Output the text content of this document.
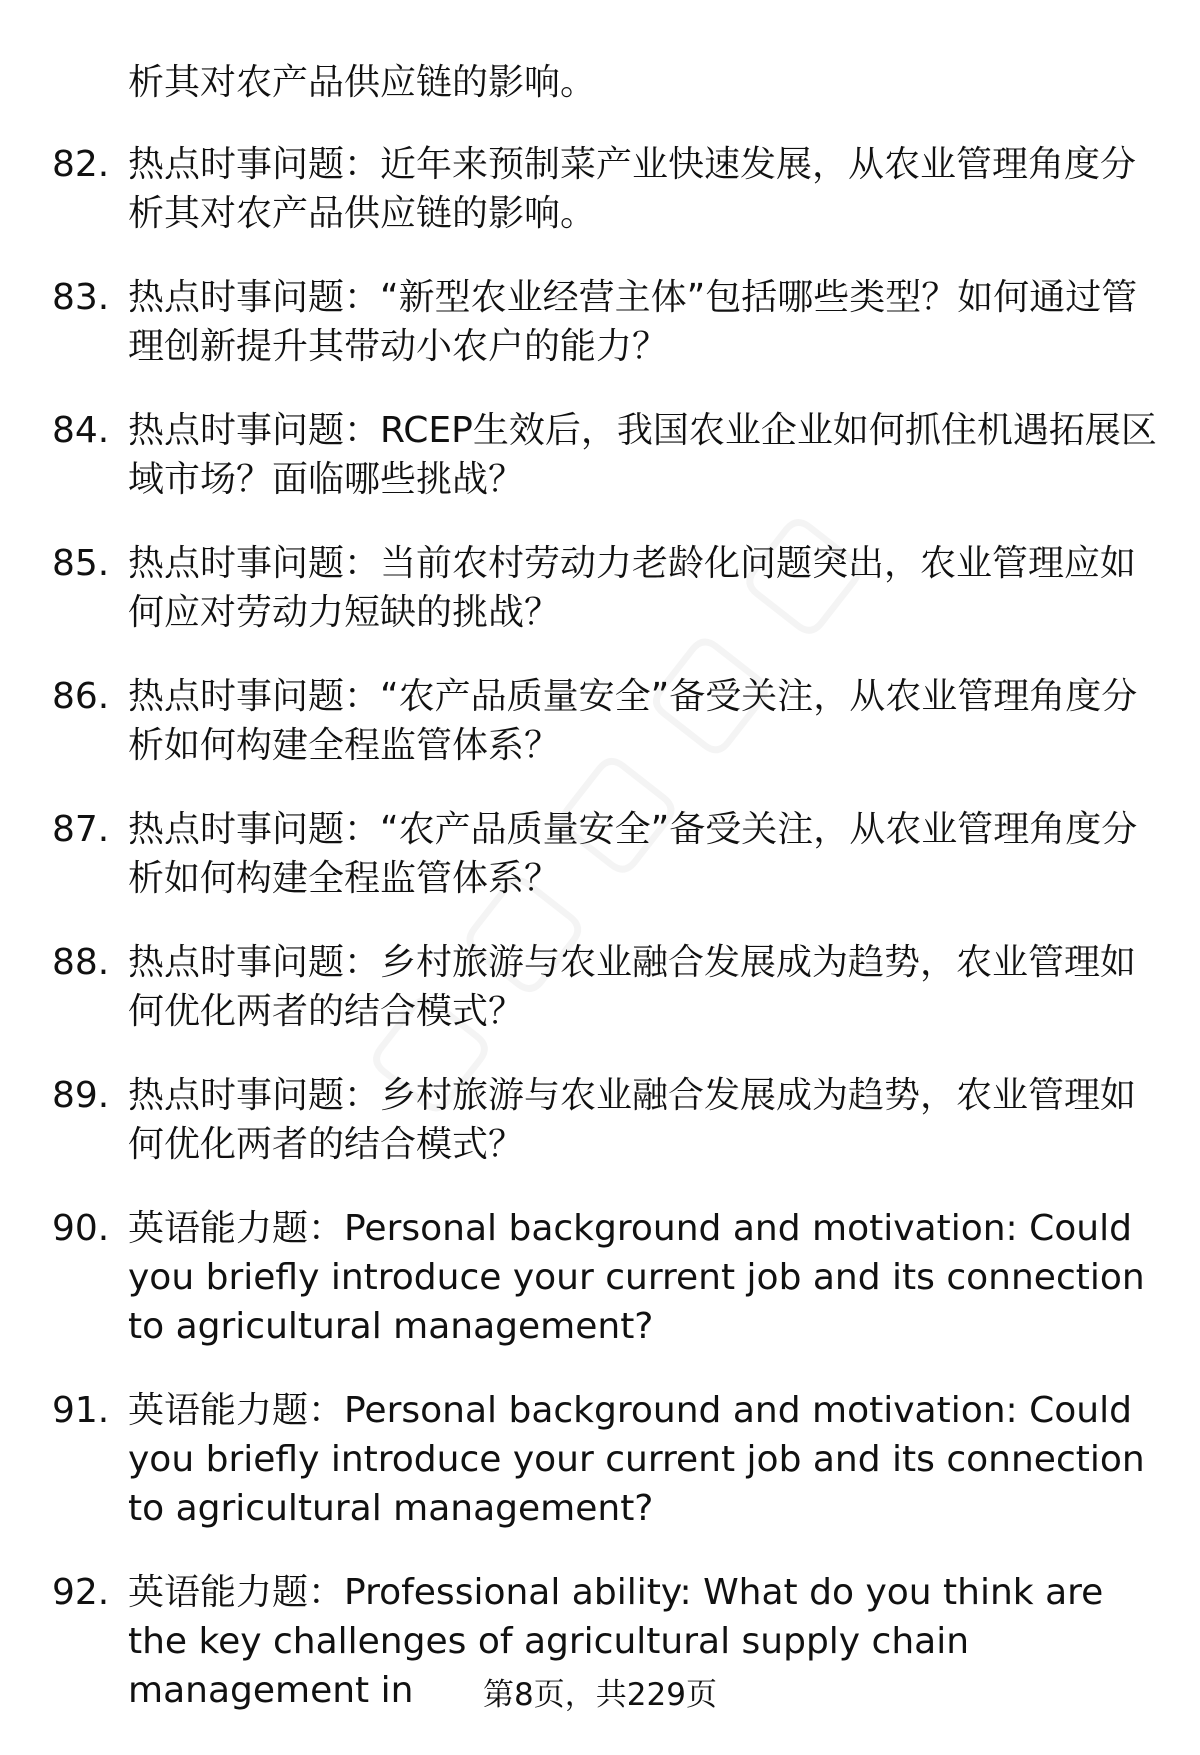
析其对农产品供应链的影响。
82. 热点时事问题：近年来预制菜产业快速发展，从农业管理角度分析其对农产品供应链的影响。
83. 热点时事问题：“新型农业经营主体”包括哪些类型？如何通过管理创新提升其带动小农户的能力？
84. 热点时事问题：RCEP生效后，我国农业企业如何抓住机遇拓展区域市场？面临哪些挑战？
85. 热点时事问题：当前农村劳动力老龄化问题突出，农业管理应如何应对劳动力短缺的挑战？
86. 热点时事问题：“农产品质量安全”备受关注，从农业管理角度分析如何构建全程监管体系？
87. 热点时事问题：“农产品质量安全”备受关注，从农业管理角度分析如何构建全程监管体系？
88. 热点时事问题：乡村旅游与农业融合发展成为趋势，农业管理如何优化两者的结合模式？
89. 热点时事问题：乡村旅游与农业融合发展成为趋势，农业管理如何优化两者的结合模式？
90. 英语能力题：Personal background and motivation: Could you briefly introduce your current job and its connection to agricultural management?
91. 英语能力题：Personal background and motivation: Could you briefly introduce your current job and its connection to agricultural management?
92. 英语能力题：Professional ability: What do you think are the key challenges of agricultural supply chain management in	第8页，共229页
